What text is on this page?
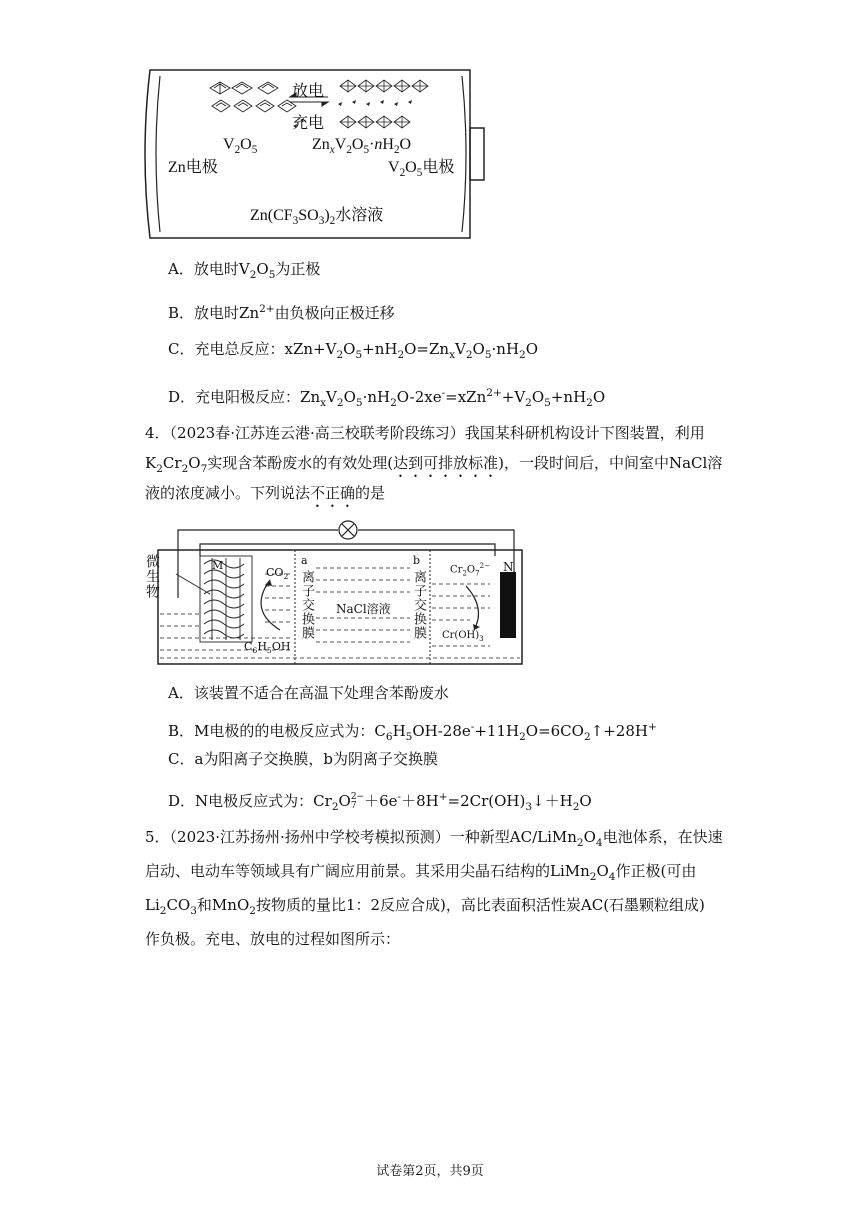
放电
充电
$V_2O_5$	$Zn_xV_2O_5\cdot nH_2O$
Zn电极	$V_2O_5$电极
$Zn(CF_3SO_3)_2$水溶液
A．放电时$V_2O_5$为正极
B．放电时$Zn^{2+}$由负极向正极迁移
C．充电总反应：$xZn+V_2O_5+nH_2O=Zn_xV_2O_5\cdot nH_2O$
D．充电阳极反应：$Zn_xV_2O_5\cdot nH_2O-2xe^-=xZn^{2+}+V_2O_5+nH_2O$
4．（2023春·江苏连云港·高三校联考阶段练习）我国某科研机构设计下图装置，利用
$K_2Cr_2O_7$实现含苯酚废水的有效处理(达到可排放标准)，一段时间后，中间室中NaCl溶
液的浓度减小。下列说法不正确的是
微生物	M	N
$CO_2$
$C_6H_5OH$
a
离子交换膜 NaCl溶液
b
离子交换膜
$Cr_2O_7^{2-}$
$Cr(OH)_3$
A．该装置不适合在高温下处理含苯酚废水
B．M电极的的电极反应式为：$C_6H_5OH-28e^-+11H_2O=6CO_2↑+28H^+$
C．a为阳离子交换膜，b为阴离子交换膜
D．N电极反应式为：$Cr_2O2-$
$7 +6e^-+8H^+=2Cr(OH)_3↓+H_2O$
5．（2023·江苏扬州·扬州中学校考模拟预测）一种新型$AC/LiMn_2O_4$电池体系，在快速
启动、电动车等领域具有广阔应用前景。其采用尖晶石结构的$LiMn_2O_4$作正极(可由
$Li_2CO_3$和MnO$_2$按物质的量比1：2反应合成)，高比表面积活性炭AC(石墨颗粒组成)
作负极。充电、放电的过程如图所示：
试卷第2页，共9页
